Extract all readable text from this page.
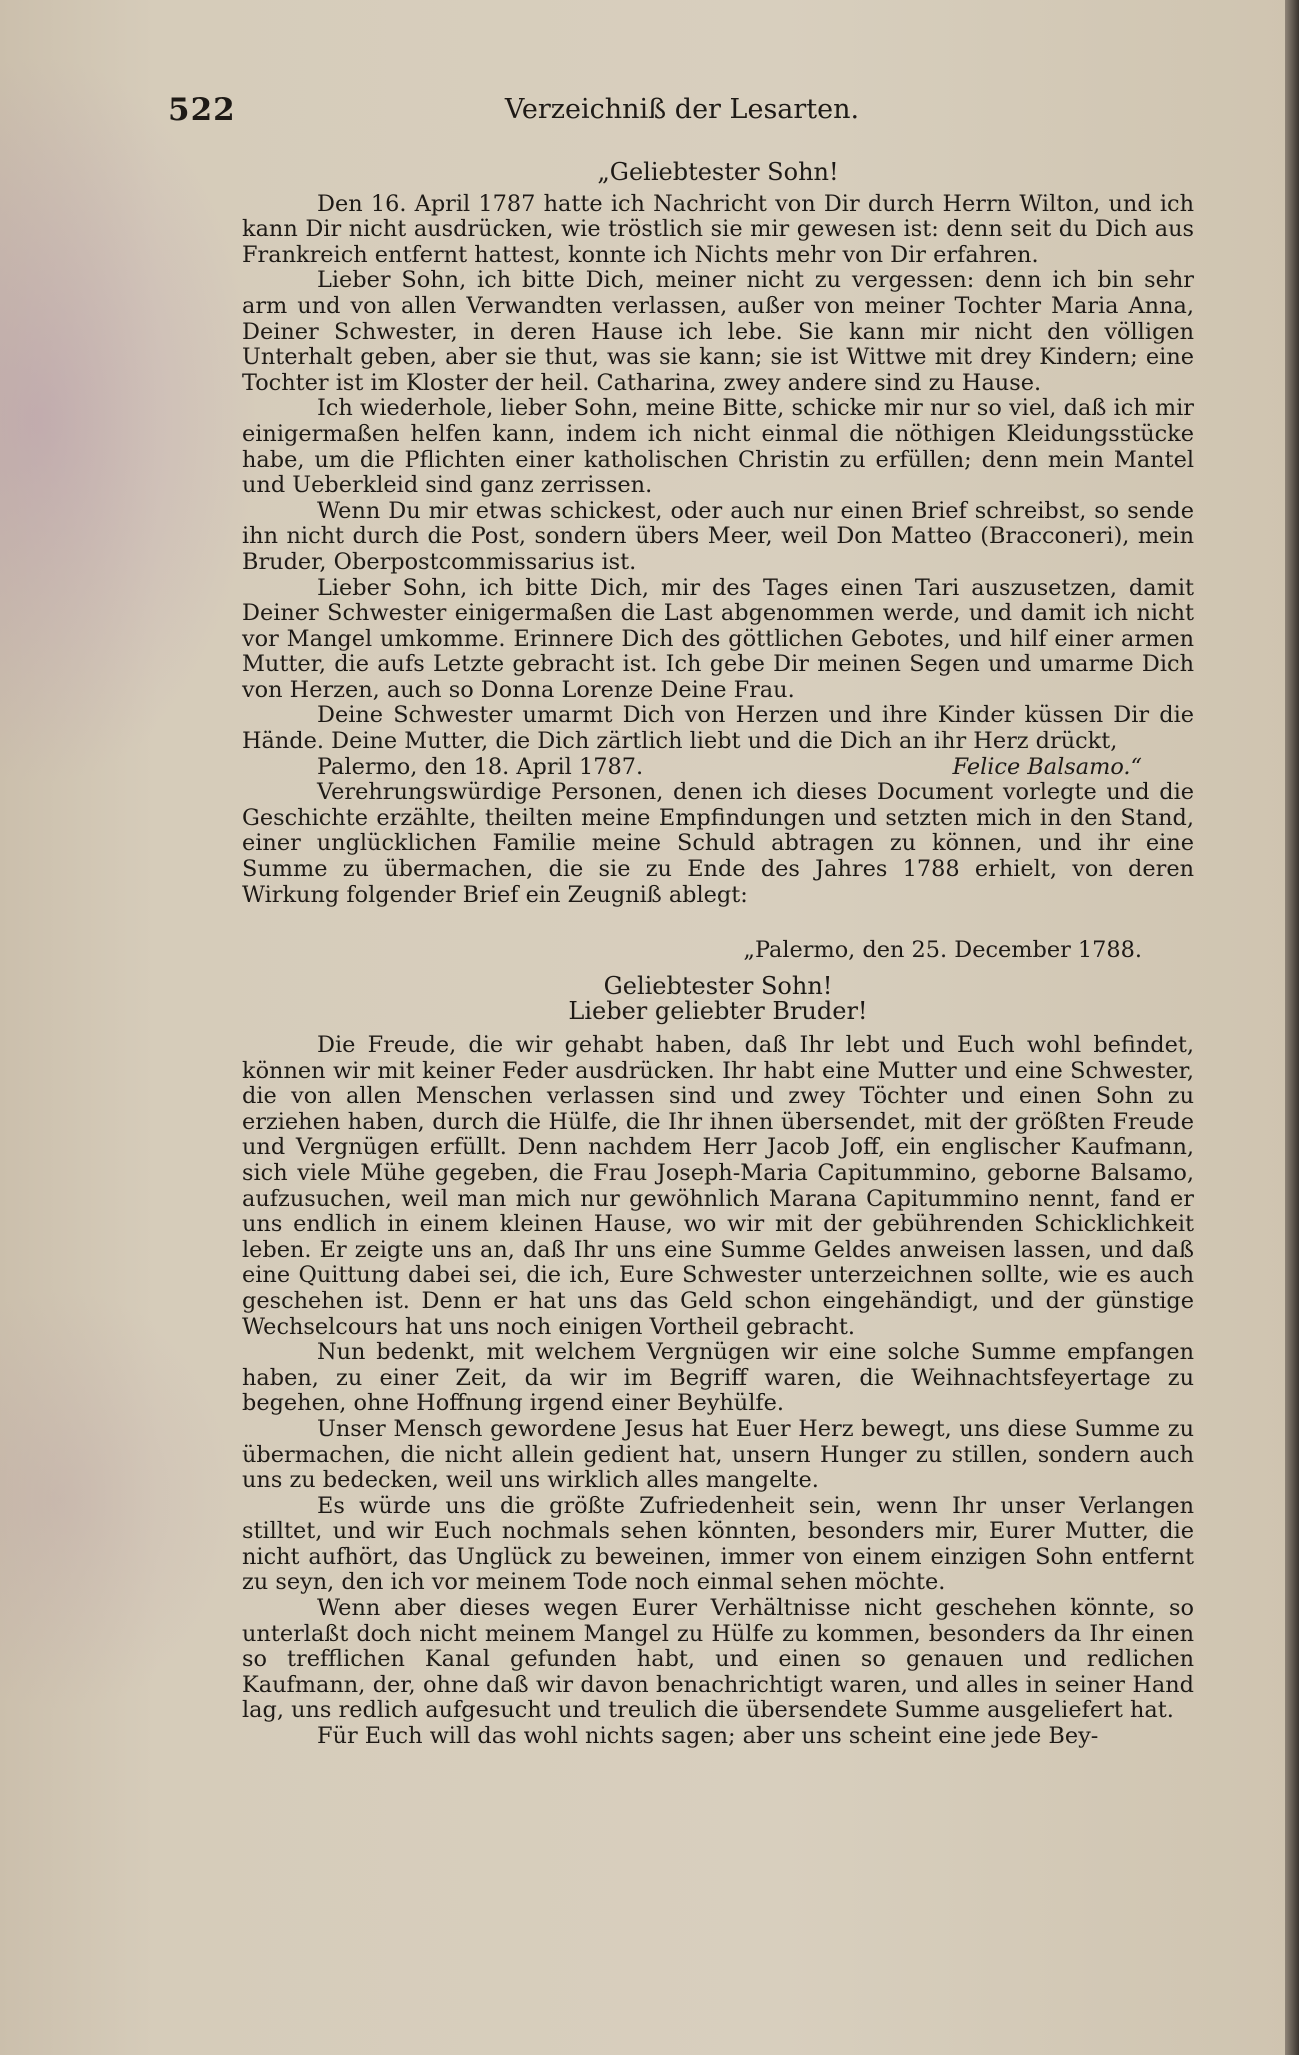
522	Verzeichniß der Lesarten.

„Geliebtester Sohn!

Den 16. April 1787 hatte ich Nachricht von Dir durch Herrn Wilton, und ich kann Dir nicht ausdrücken, wie tröstlich sie mir gewesen ist: denn seit du Dich aus Frankreich entfernt hattest, konnte ich Nichts mehr von Dir erfahren.

Lieber Sohn, ich bitte Dich, meiner nicht zu vergessen: denn ich bin sehr arm und von allen Verwandten verlassen, außer von meiner Tochter Maria Anna, Deiner Schwester, in deren Hause ich lebe. Sie kann mir nicht den völligen Unterhalt geben, aber sie thut, was sie kann; sie ist Wittwe mit drey Kindern; eine Tochter ist im Kloster der heil. Catharina, zwey andere sind zu Hause.

Ich wiederhole, lieber Sohn, meine Bitte, schicke mir nur so viel, daß ich mir einigermaßen helfen kann, indem ich nicht einmal die nöthigen Kleidungsstücke habe, um die Pflichten einer katholischen Christin zu erfüllen; denn mein Mantel und Ueberkleid sind ganz zerrissen.

Wenn Du mir etwas schickest, oder auch nur einen Brief schreibst, so sende ihn nicht durch die Post, sondern übers Meer, weil Don Matteo (Bracconeri), mein Bruder, Oberpostcommissarius ist.

Lieber Sohn, ich bitte Dich, mir des Tages einen Tari auszusetzen, damit Deiner Schwester einigermaßen die Last abgenommen werde, und damit ich nicht vor Mangel umkomme. Erinnere Dich des göttlichen Gebotes, und hilf einer armen Mutter, die aufs Letzte gebracht ist. Ich gebe Dir meinen Segen und umarme Dich von Herzen, auch so Donna Lorenze Deine Frau.

Deine Schwester umarmt Dich von Herzen und ihre Kinder küssen Dir die Hände. Deine Mutter, die Dich zärtlich liebt und die Dich an ihr Herz drückt,

Palermo, den 18. April 1787.	Felice Balsamo.“

Verehrungswürdige Personen, denen ich dieses Document vorlegte und die Geschichte erzählte, theilten meine Empfindungen und setzten mich in den Stand, einer unglücklichen Familie meine Schuld abtragen zu können, und ihr eine Summe zu übermachen, die sie zu Ende des Jahres 1788 erhielt, von deren Wirkung folgender Brief ein Zeugniß ablegt:

„Palermo, den 25. December 1788.

Geliebtester Sohn!

Lieber geliebter Bruder!

Die Freude, die wir gehabt haben, daß Ihr lebt und Euch wohl befindet, können wir mit keiner Feder ausdrücken. Ihr habt eine Mutter und eine Schwester, die von allen Menschen verlassen sind und zwey Töchter und einen Sohn zu erziehen haben, durch die Hülfe, die Ihr ihnen übersendet, mit der größten Freude und Vergnügen erfüllt. Denn nachdem Herr Jacob Joff, ein englischer Kaufmann, sich viele Mühe gegeben, die Frau Joseph-Maria Capitummino, geborne Balsamo, aufzusuchen, weil man mich nur gewöhnlich Marana Capitummino nennt, fand er uns endlich in einem kleinen Hause, wo wir mit der gebührenden Schicklichkeit leben. Er zeigte uns an, daß Ihr uns eine Summe Geldes anweisen lassen, und daß eine Quittung dabei sei, die ich, Eure Schwester unterzeichnen sollte, wie es auch geschehen ist. Denn er hat uns das Geld schon eingehändigt, und der günstige Wechselcours hat uns noch einigen Vortheil gebracht.

Nun bedenkt, mit welchem Vergnügen wir eine solche Summe empfangen haben, zu einer Zeit, da wir im Begriff waren, die Weihnachtsfeyertage zu begehen, ohne Hoffnung irgend einer Beyhülfe.

Unser Mensch gewordene Jesus hat Euer Herz bewegt, uns diese Summe zu übermachen, die nicht allein gedient hat, unsern Hunger zu stillen, sondern auch uns zu bedecken, weil uns wirklich alles mangelte.

Es würde uns die größte Zufriedenheit sein, wenn Ihr unser Verlangen stilltet, und wir Euch nochmals sehen könnten, besonders mir, Eurer Mutter, die nicht aufhört, das Unglück zu beweinen, immer von einem einzigen Sohn entfernt zu seyn, den ich vor meinem Tode noch einmal sehen möchte.

Wenn aber dieses wegen Eurer Verhältnisse nicht geschehen könnte, so unterlaßt doch nicht meinem Mangel zu Hülfe zu kommen, besonders da Ihr einen so trefflichen Kanal gefunden habt, und einen so genauen und redlichen Kaufmann, der, ohne daß wir davon benachrichtigt waren, und alles in seiner Hand lag, uns redlich aufgesucht und treulich die übersendete Summe ausgeliefert hat.

Für Euch will das wohl nichts sagen; aber uns scheint eine jede Bey-
